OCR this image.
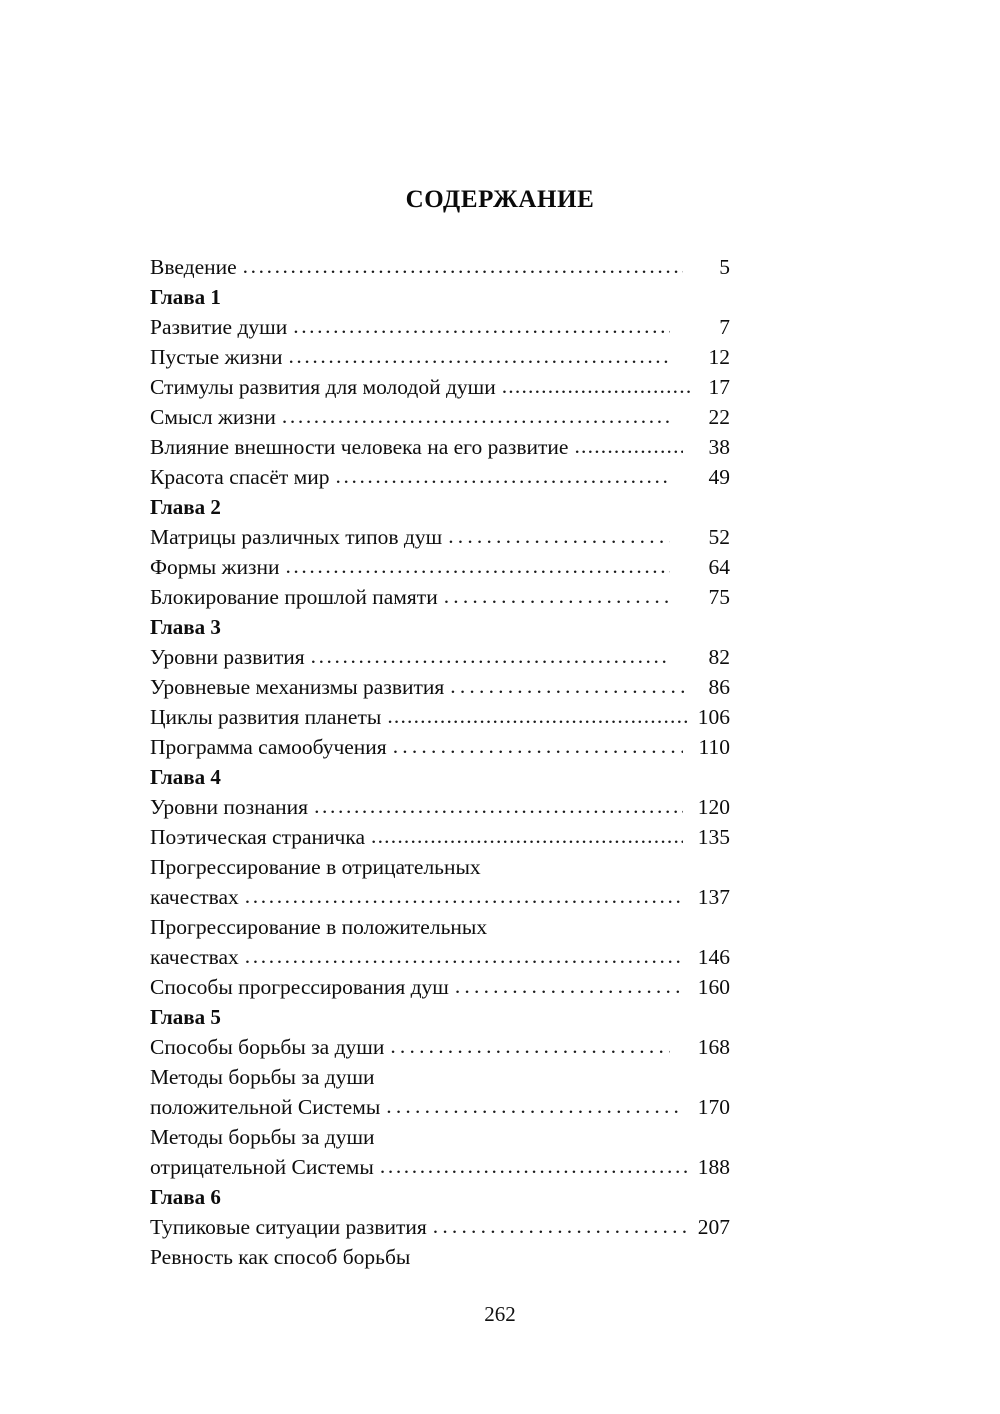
СОДЕРЖАНИЕ
Введение .....	5
Глава 1
Развитие души .....	7
Пустые жизни .....	12
Стимулы развития для молодой души .....	17
Смысл жизни .....	22
Влияние внешности человека на его развитие .....	38
Красота спасёт мир .....	49
Глава 2
Матрицы различных типов душ .....	52
Формы жизни .....	64
Блокирование прошлой памяти .....	75
Глава 3
Уровни развития .....	82
Уровневые механизмы развития .....	86
Циклы развития планеты .....	106
Программа самообучения .....	110
Глава 4
Уровни познания .....	120
Поэтическая страничка .....	135
Прогрессирование в отрицательных
качествах .....	137
Прогрессирование в положительных
качествах .....	146
Способы прогрессирования душ .....	160
Глава 5
Способы борьбы за души .....	168
Методы борьбы за души
положительной Системы .....	170
Методы борьбы за души
отрицательной Системы .....	188
Глава 6
Тупиковые ситуации развития .....	207
Ревность как способ борьбы
262
